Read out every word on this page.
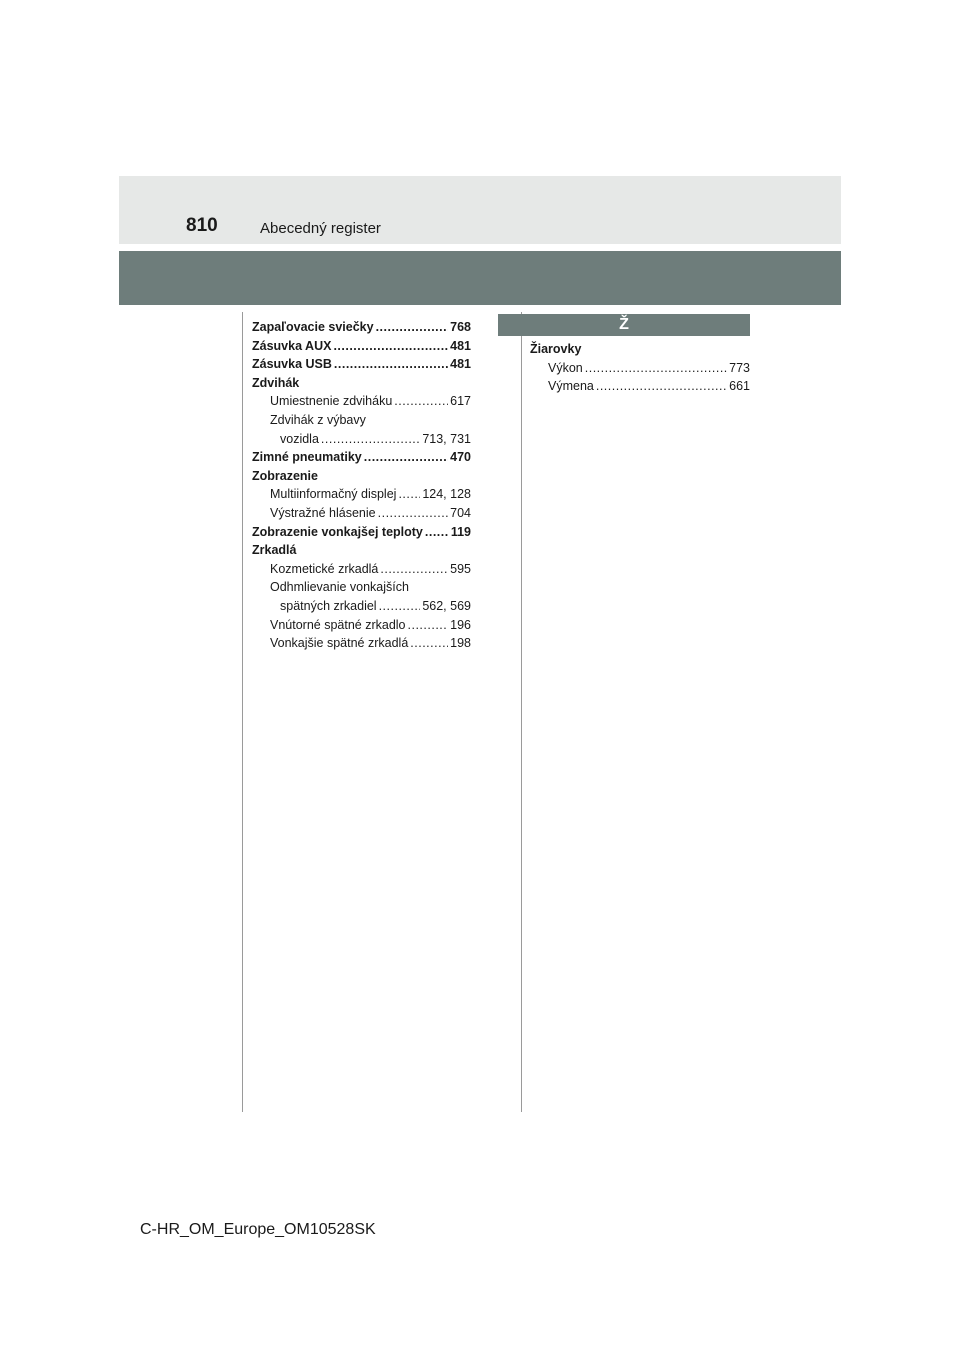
810	Abecedný register
Zapaľovacie sviečky .....	768
Zásuvka AUX .....	481
Zásuvka USB .....	481
Zdvihák
Umiestnenie zdviháku .....	617
Zdvihák z výbavy
vozidla .....	713, 731
Zimné pneumatiky .....	470
Zobrazenie
Multiinformačný displej ..... 124, 128
Výstražné hlásenie .....	704
Zobrazenie vonkajšej teploty ..... 119
Zrkadlá
Kozmetické zrkadlá .....	595
Odhmlievanie vonkajších
spätných zrkadiel .....	562, 569
Vnútorné spätné zrkadlo .....	196
Vonkajšie spätné zrkadlá .....	198
Ž
Žiarovky
Výkon .....	773
Výmena .....	661
C-HR_OM_Europe_OM10528SK
